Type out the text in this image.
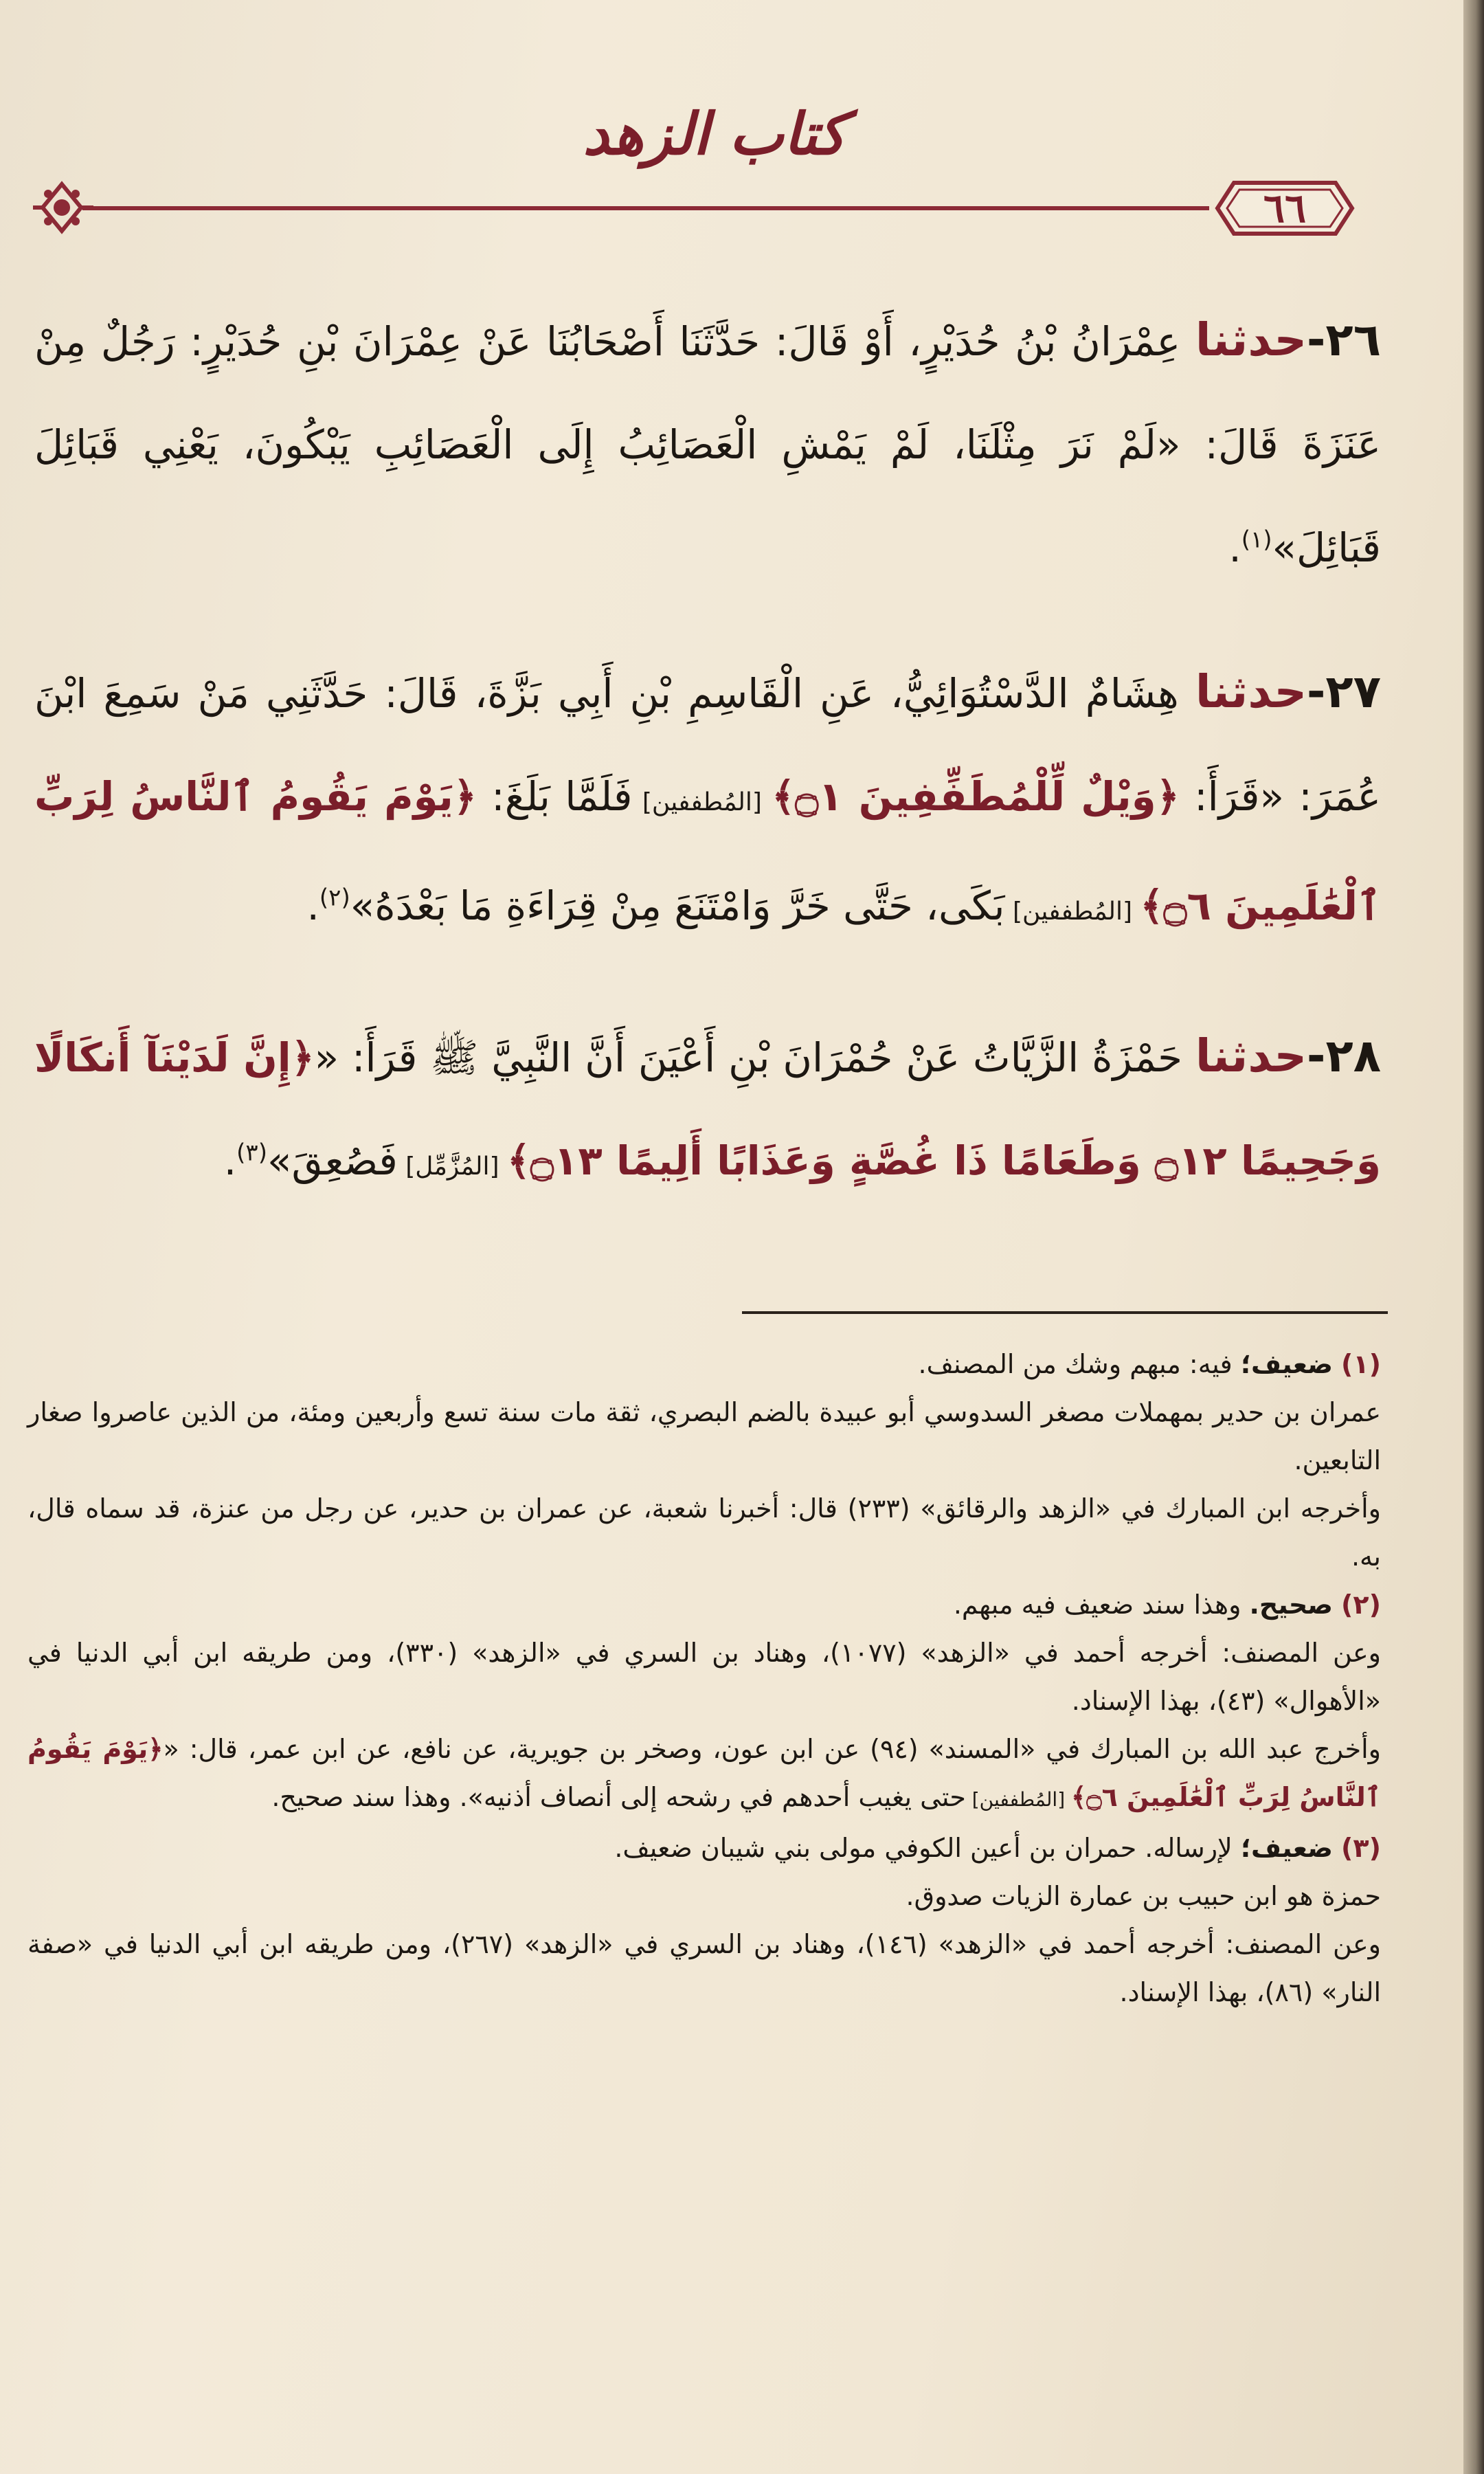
كتاب الزهد
٦٦

٢٦-حدثنا عِمْرَانُ بْنُ حُدَيْرٍ، أَوْ قَالَ: حَدَّثَنَا أَصْحَابُنَا عَنْ عِمْرَانَ بْنِ حُدَيْرٍ: رَجُلٌ مِنْ عَنَزَةَ قَالَ: «لَمْ نَرَ مِثْلَنَا، لَمْ يَمْشِ الْعَصَائِبُ إِلَى الْعَصَائِبِ يَبْكُونَ، يَعْنِي قَبَائِلَ قَبَائِلَ»$^{(١)}$.

٢٧-حدثنا هِشَامٌ الدَّسْتُوَائِيُّ، عَنِ الْقَاسِمِ بْنِ أَبِي بَزَّةَ، قَالَ: حَدَّثَنِي مَنْ سَمِعَ ابْنَ عُمَرَ: «قَرَأَ: ﴿وَيْلٌ لِّلْمُطَفِّفِينَ ۝١﴾ [المُطففين] فَلَمَّا بَلَغَ: ﴿يَوْمَ يَقُومُ ٱلنَّاسُ لِرَبِّ ٱلْعَٰلَمِينَ ۝٦﴾ [المُطففين] بَكَى، حَتَّى خَرَّ وَامْتَنَعَ مِنْ قِرَاءَةِ مَا بَعْدَهُ»$^{(٢)}$.

٢٨-حدثنا حَمْزَةُ الزَّيَّاتُ عَنْ حُمْرَانَ بْنِ أَعْيَنَ أَنَّ النَّبِيَّ ﷺ قَرَأَ: «﴿إِنَّ لَدَيْنَآ أَنكَالًا وَجَحِيمًا ۝١٢ وَطَعَامًا ذَا غُصَّةٍ وَعَذَابًا أَلِيمًا ۝١٣﴾ [المُزَّمِّل] فَصُعِقَ»$^{(٣)}$.

(١) ضعيف؛ فيه: مبهم وشك من المصنف.

عمران بن حدير بمهملات مصغر السدوسي أبو عبيدة بالضم البصري، ثقة مات سنة تسع وأربعين ومئة، من الذين عاصروا صغار التابعين.

وأخرجه ابن المبارك في «الزهد والرقائق» (٢٣٣) قال: أخبرنا شعبة، عن عمران بن حدير، عن رجل من عنزة، قد سماه قال، به.

(٢) صحيح. وهذا سند ضعيف فيه مبهم.

وعن المصنف: أخرجه أحمد في «الزهد» (١٠٧٧)، وهناد بن السري في «الزهد» (٣٣٠)، ومن طريقه ابن أبي الدنيا في «الأهوال» (٤٣)، بهذا الإسناد.

وأخرج عبد الله بن المبارك في «المسند» (٩٤) عن ابن عون، وصخر بن جويرية، عن نافع، عن ابن عمر، قال: «﴿يَوْمَ يَقُومُ ٱلنَّاسُ لِرَبِّ ٱلْعَٰلَمِينَ ۝٦﴾ [المُطففين] حتى يغيب أحدهم في رشحه إلى أنصاف أذنيه». وهذا سند صحيح.

(٣) ضعيف؛ لإرساله. حمران بن أعين الكوفي مولى بني شيبان ضعيف.

حمزة هو ابن حبيب بن عمارة الزيات صدوق.

وعن المصنف: أخرجه أحمد في «الزهد» (١٤٦)، وهناد بن السري في «الزهد» (٢٦٧)، ومن طريقه ابن أبي الدنيا في «صفة النار» (٨٦)، بهذا الإسناد.
